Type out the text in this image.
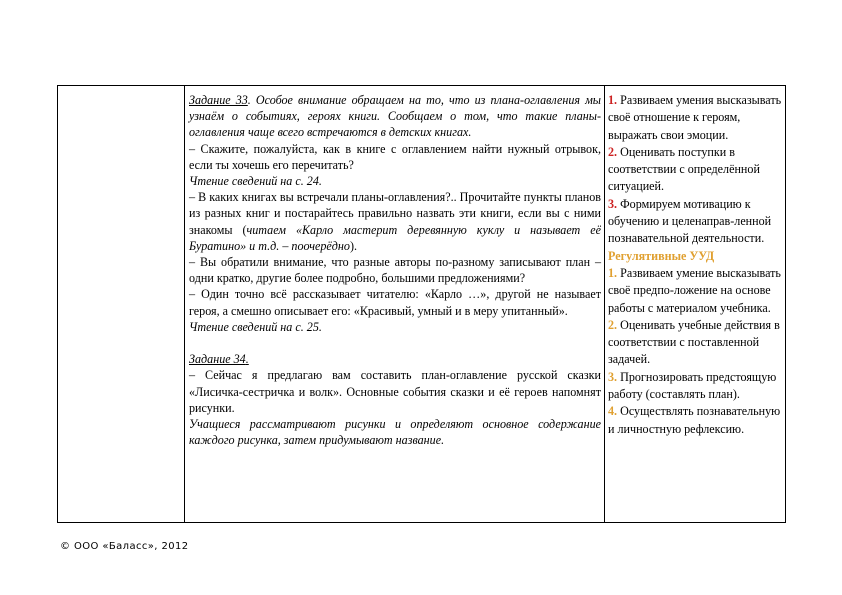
Задание 33. Особое внимание обращаем на то, что из плана-оглавления мы узнаём о событиях, героях книги. Сообщаем о том, что такие планы-оглавления чаще всего встречаются в детских книгах.

– Скажите, пожалуйста, как в книге с оглавлением найти нужный отрывок, если ты хочешь его перечитать?

Чтение сведений на с. 24.

– В каких книгах вы встречали планы-оглавления?.. Прочитайте пункты планов из разных книг и постарайтесь правильно назвать эти книги, если вы с ними знакомы (читаем «Карло мастерит деревянную куклу и называет её Буратино» и т.д. – поочерёдно).

– Вы обратили внимание, что разные авторы по-разному записывают план – одни кратко, другие более подробно, большими предложениями?

– Один точно всё рассказывает читателю: «Карло …», другой не называет героя, а смешно описывает его: «Красивый, умный и в меру упитанный».

Чтение сведений на с. 25.

Задание 34.

– Сейчас я предлагаю вам составить план-оглавление русской сказки «Лисичка-сестричка и волк». Основные события сказки и её героев напомнят рисунки.

Учащиеся рассматривают рисунки и определяют основное содержание каждого рисунка, затем придумывают название.

1. Развиваем умения высказывать своё отношение к героям, выражать свои эмоции.

2. Оценивать поступки в соответствии с определённой ситуацией.

3. Формируем мотивацию к обучению и целенаправ-ленной познавательной деятельности.

Регулятивные УУД

1. Развиваем умение высказывать своё предпо-ложение на основе работы с материалом учебника.

2. Оценивать учебные действия в соответствии с поставленной задачей.

3. Прогнозировать предстоящую работу (составлять план).

4. Осуществлять познавательную и личностную рефлексию.

© ООО «Баласс», 2012
